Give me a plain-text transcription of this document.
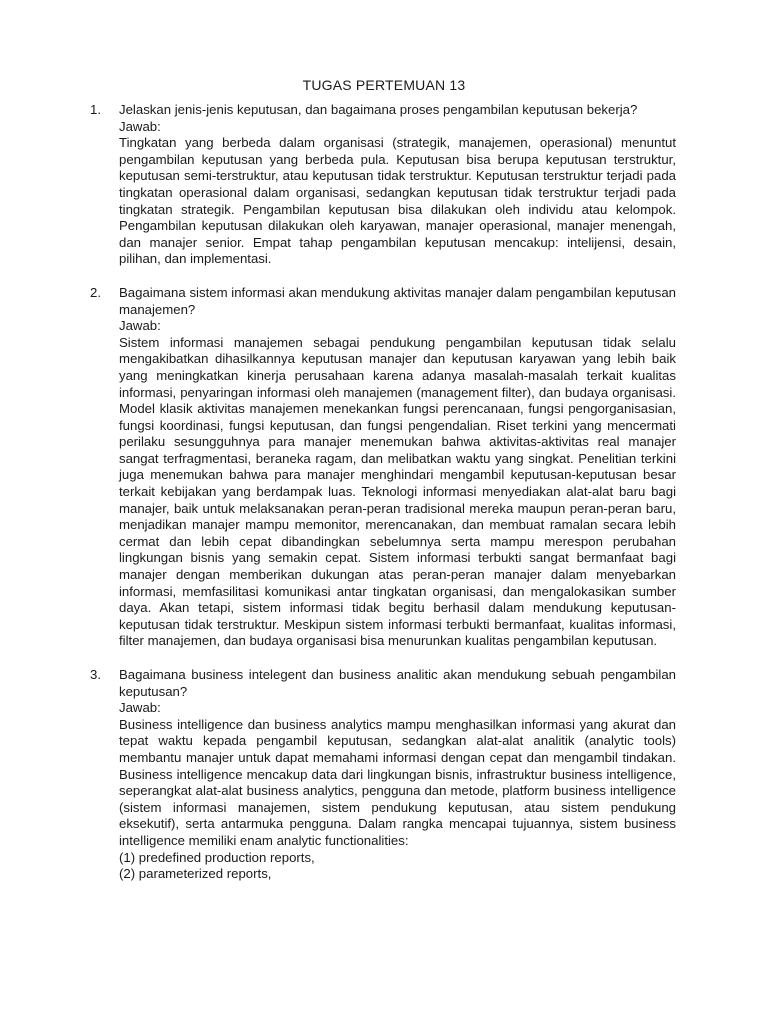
TUGAS PERTEMUAN 13
1.	Jelaskan jenis-jenis keputusan, dan bagaimana proses pengambilan keputusan bekerja?
Jawab:
Tingkatan yang berbeda dalam organisasi (strategik, manajemen, operasional) menuntut pengambilan keputusan yang berbeda pula. Keputusan bisa berupa keputusan terstruktur, keputusan semi-terstruktur, atau keputusan tidak terstruktur. Keputusan terstruktur terjadi pada tingkatan operasional dalam organisasi, sedangkan keputusan tidak terstruktur terjadi pada tingkatan strategik. Pengambilan keputusan bisa dilakukan oleh individu atau kelompok. Pengambilan keputusan dilakukan oleh karyawan, manajer operasional, manajer menengah, dan manajer senior. Empat tahap pengambilan keputusan mencakup: intelijensi, desain, pilihan, dan implementasi.
2.	Bagaimana sistem informasi akan mendukung aktivitas manajer dalam pengambilan keputusan manajemen?
Jawab:
Sistem informasi manajemen sebagai pendukung pengambilan keputusan tidak selalu mengakibatkan dihasilkannya keputusan manajer dan keputusan karyawan yang lebih baik yang meningkatkan kinerja perusahaan karena adanya masalah-masalah terkait kualitas informasi, penyaringan informasi oleh manajemen (management filter), dan budaya organisasi. Model klasik aktivitas manajemen menekankan fungsi perencanaan, fungsi pengorganisasian, fungsi koordinasi, fungsi keputusan, dan fungsi pengendalian. Riset terkini yang mencermati perilaku sesungguhnya para manajer menemukan bahwa aktivitas-aktivitas real manajer sangat terfragmentasi, beraneka ragam, dan melibatkan waktu yang singkat. Penelitian terkini juga menemukan bahwa para manajer menghindari mengambil keputusan-keputusan besar terkait kebijakan yang berdampak luas. Teknologi informasi menyediakan alat-alat baru bagi manajer, baik untuk melaksanakan peran-peran tradisional mereka maupun peran-peran baru, menjadikan manajer mampu memonitor, merencanakan, dan membuat ramalan secara lebih cermat dan lebih cepat dibandingkan sebelumnya serta mampu merespon perubahan lingkungan bisnis yang semakin cepat. Sistem informasi terbukti sangat bermanfaat bagi manajer dengan memberikan dukungan atas peran-peran manajer dalam menyebarkan informasi, memfasilitasi komunikasi antar tingkatan organisasi, dan mengalokasikan sumber daya. Akan tetapi, sistem informasi tidak begitu berhasil dalam mendukung keputusan-keputusan tidak terstruktur. Meskipun sistem informasi terbukti bermanfaat, kualitas informasi, filter manajemen, dan budaya organisasi bisa menurunkan kualitas pengambilan keputusan.
3.	Bagaimana business intelegent dan business analitic akan mendukung sebuah pengambilan keputusan?
Jawab:
Business intelligence dan business analytics mampu menghasilkan informasi yang akurat dan tepat waktu kepada pengambil keputusan, sedangkan alat-alat analitik (analytic tools) membantu manajer untuk dapat memahami informasi dengan cepat dan mengambil tindakan. Business intelligence mencakup data dari lingkungan bisnis, infrastruktur business intelligence, seperangkat alat-alat business analytics, pengguna dan metode, platform business intelligence (sistem informasi manajemen, sistem pendukung keputusan, atau sistem pendukung eksekutif), serta antarmuka pengguna. Dalam rangka mencapai tujuannya, sistem business intelligence memiliki enam analytic functionalities:
(1) predefined production reports,
(2) parameterized reports,
